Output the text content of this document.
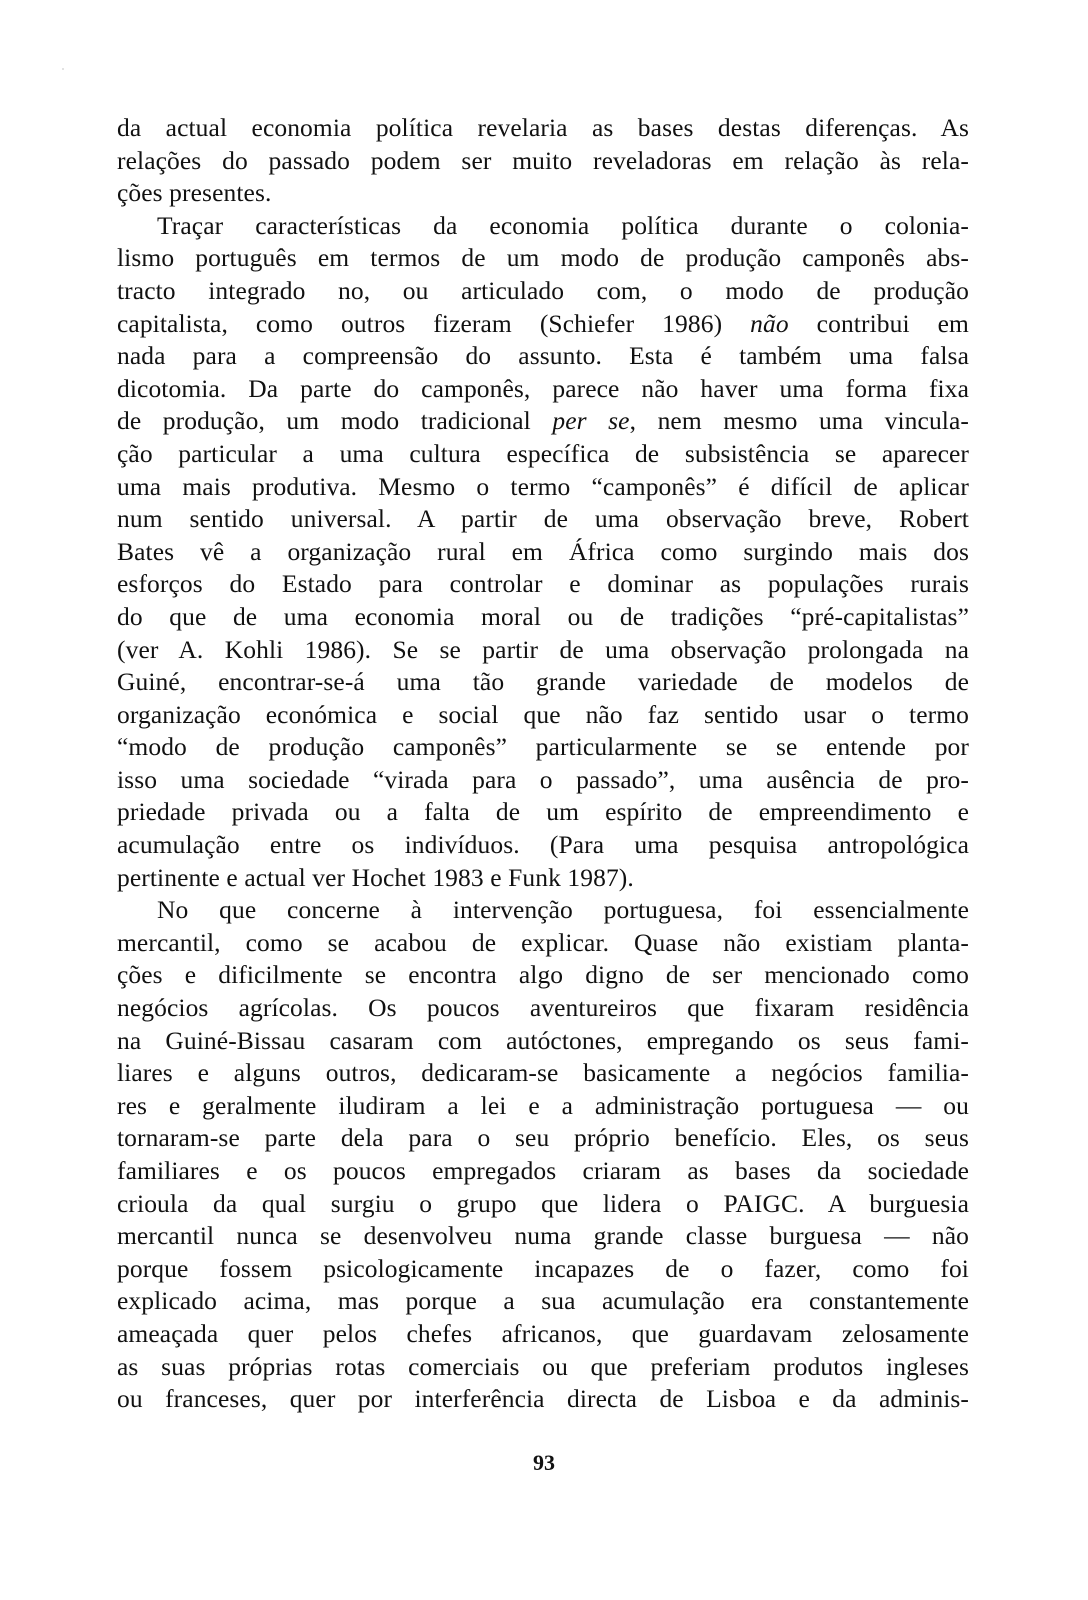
da actual economia política revelaria as bases destas diferenças. As
relações do passado podem ser muito reveladoras em relação às rela-
ções presentes.
Traçar características da economia política durante o colonia-
lismo português em termos de um modo de produção camponês abs-
tracto integrado no, ou articulado com, o modo de produção
capitalista, como outros fizeram (Schiefer 1986) não contribui em
nada para a compreensão do assunto. Esta é também uma falsa
dicotomia. Da parte do camponês, parece não haver uma forma fixa
de produção, um modo tradicional per se, nem mesmo uma vincula-
ção particular a uma cultura específica de subsistência se aparecer
uma mais produtiva. Mesmo o termo “camponês” é difícil de aplicar
num sentido universal. A partir de uma observação breve, Robert
Bates vê a organização rural em África como surgindo mais dos
esforços do Estado para controlar e dominar as populações rurais
do que de uma economia moral ou de tradições “pré-capitalistas”
(ver A. Kohli 1986). Se se partir de uma observação prolongada na
Guiné, encontrar-se-á uma tão grande variedade de modelos de
organização económica e social que não faz sentido usar o termo
“modo de produção camponês” particularmente se se entende por
isso uma sociedade “virada para o passado”, uma ausência de pro-
priedade privada ou a falta de um espírito de empreendimento e
acumulação entre os indivíduos. (Para uma pesquisa antropológica
pertinente e actual ver Hochet 1983 e Funk 1987).
No que concerne à intervenção portuguesa, foi essencialmente
mercantil, como se acabou de explicar. Quase não existiam planta-
ções e dificilmente se encontra algo digno de ser mencionado como
negócios agrícolas. Os poucos aventureiros que fixaram residência
na Guiné-Bissau casaram com autóctones, empregando os seus fami-
liares e alguns outros, dedicaram-se basicamente a negócios familia-
res e geralmente iludiram a lei e a administração portuguesa — ou
tornaram-se parte dela para o seu próprio benefício. Eles, os seus
familiares e os poucos empregados criaram as bases da sociedade
crioula da qual surgiu o grupo que lidera o PAIGC. A burguesia
mercantil nunca se desenvolveu numa grande classe burguesa — não
porque fossem psicologicamente incapazes de o fazer, como foi
explicado acima, mas porque a sua acumulação era constantemente
ameaçada quer pelos chefes africanos, que guardavam zelosamente
as suas próprias rotas comerciais ou que preferiam produtos ingleses
ou franceses, quer por interferência directa de Lisboa e da adminis-
93
